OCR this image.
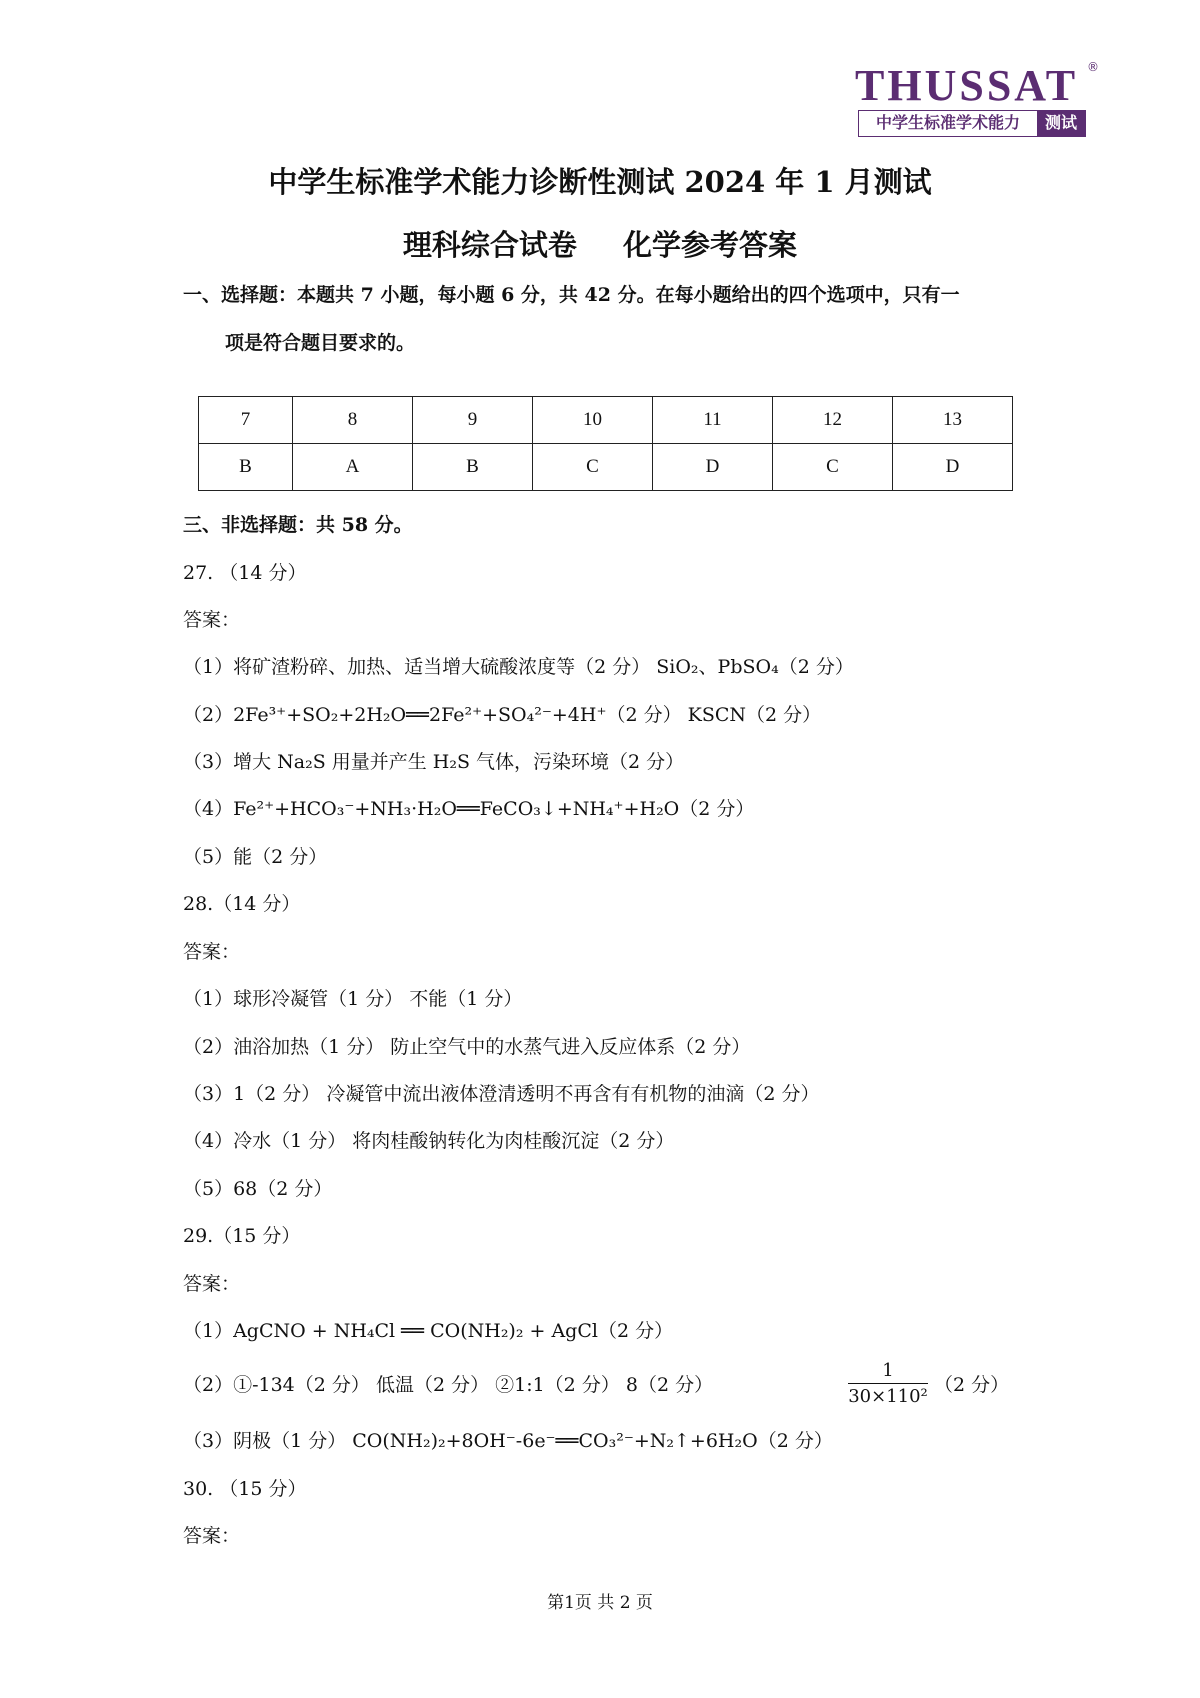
THUSSAT ®
中学生标准学术能力	测试
中学生标准学术能力诊断性测试 2024 年 1 月测试
理科综合试卷 化学参考答案
一、选择题：本题共 7 小题，每小题 6 分，共 42 分。在每小题给出的四个选项中，只有一
项是符合题目要求的。
7	8	9	10	11	12	13
B	A	B	C	D	C	D
三、非选择题：共 58 分。
27. （14 分）
答案：
（1）将矿渣粉碎、加热、适当增大硫酸浓度等（2 分） SiO₂、PbSO₄（2 分）
（2）2Fe³⁺+SO₂+2H₂O══2Fe²⁺+SO₄²⁻+4H⁺（2 分） KSCN（2 分）
（3）增大 Na₂S 用量并产生 H₂S 气体，污染环境（2 分）
（4）Fe²⁺+HCO₃⁻+NH₃·H₂O══FeCO₃↓+NH₄⁺+H₂O（2 分）
（5）能（2 分）
28.（14 分）
答案：
（1）球形冷凝管（1 分） 不能（1 分）
（2）油浴加热（1 分） 防止空气中的水蒸气进入反应体系（2 分）
（3）1（2 分） 冷凝管中流出液体澄清透明不再含有有机物的油滴（2 分）
（4）冷水（1 分） 将肉桂酸钠转化为肉桂酸沉淀（2 分）
（5）68（2 分）
29.（15 分）
答案：
（1）AgCNO + NH₄Cl ══ CO(NH₂)₂ + AgCl（2 分）
（2）①-134（2 分） 低温（2 分） ②1:1（2 分） 8（2 分）	$\frac{1}{\text{30×110²}} (2$ 分）
（3）阴极（1 分） CO(NH₂)₂+8OH⁻-6e⁻══CO₃²⁻+N₂↑+6H₂O（2 分）
30. （15 分）
答案：
第1页 共 2 页
